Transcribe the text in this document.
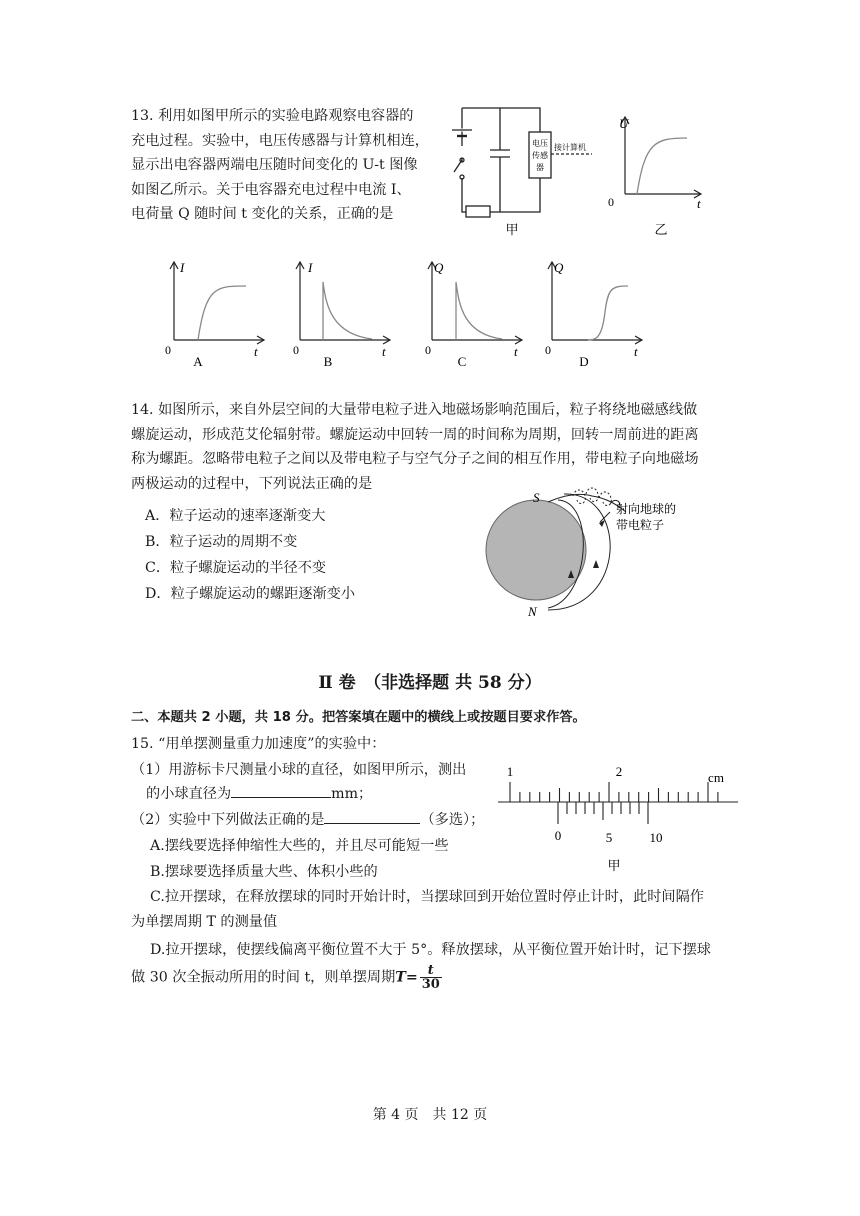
13. 利用如图甲所示的实验电路观察电容器的
充电过程。实验中，电压传感器与计算机相连，
显示出电容器两端电压随时间变化的 U-t 图像
如图乙所示。关于电容器充电过程中电流 I、
电荷量 Q 随时间 t 变化的关系，正确的是
电压
传感
器
接计算机
甲
U
t
0
乙
I
t
0
A
I
t
0
B
Q
t
0
C
Q
t
0
D
14. 如图所示，来自外层空间的大量带电粒子进入地磁场影响范围后，粒子将绕地磁感线做
螺旋运动，形成范艾伦辐射带。螺旋运动中回转一周的时间称为周期，回转一周前进的距离
称为螺距。忽略带电粒子之间以及带电粒子与空气分子之间的相互作用，带电粒子向地磁场
两极运动的过程中，下列说法正确的是
A．粒子运动的速率逐渐变大
B．粒子运动的周期不变
C．粒子螺旋运动的半径不变
D．粒子螺旋运动的螺距逐渐变小
S
N
射向地球的
带电粒子
Ⅱ 卷　（非选择题 共 58 分）
二、本题共 2 小题，共 18 分。把答案填在题中的横线上或按题目要求作答。
15. “用单摆测量重力加速度”的实验中：
（1）用游标卡尺测量小球的直径，如图甲所示，测出
的小球直径为	mm；
（2）实验中下列做法正确的是	（多选）；
A.摆线要选择伸缩性大些的，并且尽可能短一些
B.摆球要选择质量大些、体积小些的
C.拉开摆球，在释放摆球的同时开始计时，当摆球回到开始位置时停止计时，此时间隔作
为单摆周期 T 的测量值
D.拉开摆球，使摆线偏离平衡位置不大于 5°。释放摆球，从平衡位置开始计时，记下摆球
做 30 次全振动所用的时间 t，则单摆周期$T= \frac{t}{30}$
1	2	cm
0	5	10
甲
第 4 页　共 12 页
